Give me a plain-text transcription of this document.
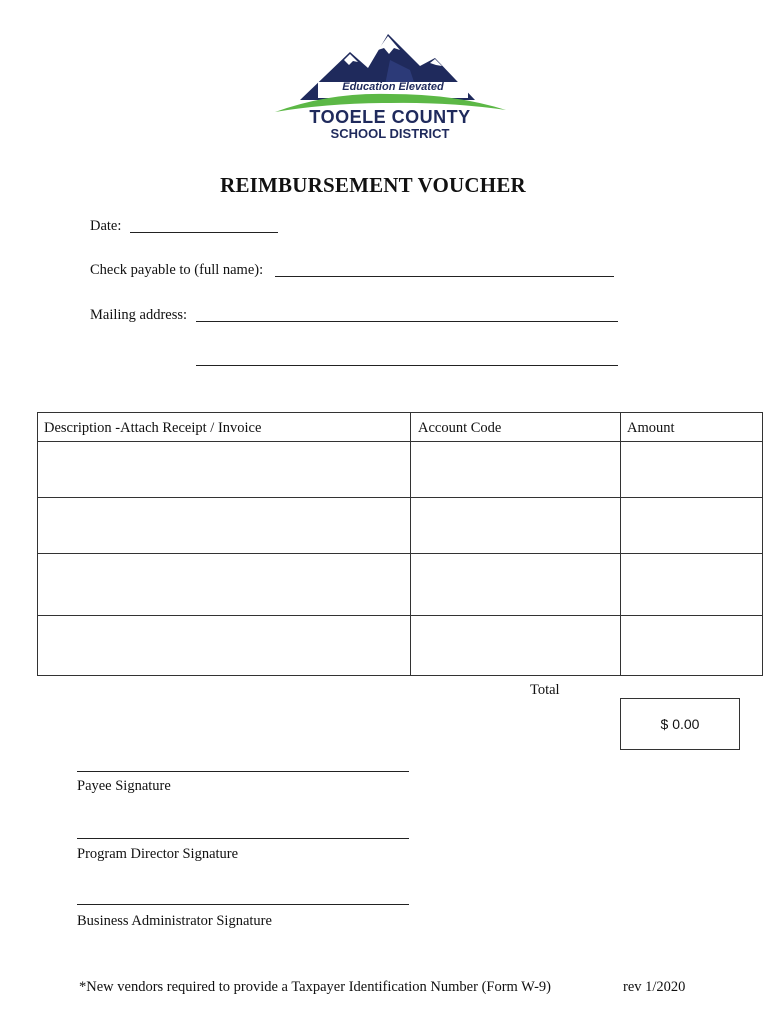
Education Elevated
TOOELE COUNTY
SCHOOL DISTRICT
REIMBURSEMENT VOUCHER
Date:
Check payable to (full name):
Mailing address:
Description -Attach Receipt / Invoice	Account Code	Amount
Total
$ 0.00
Payee Signature
Program Director Signature
Business Administrator Signature
*New vendors required to provide a Taxpayer Identification Number (Form W-9)	rev 1/2020
